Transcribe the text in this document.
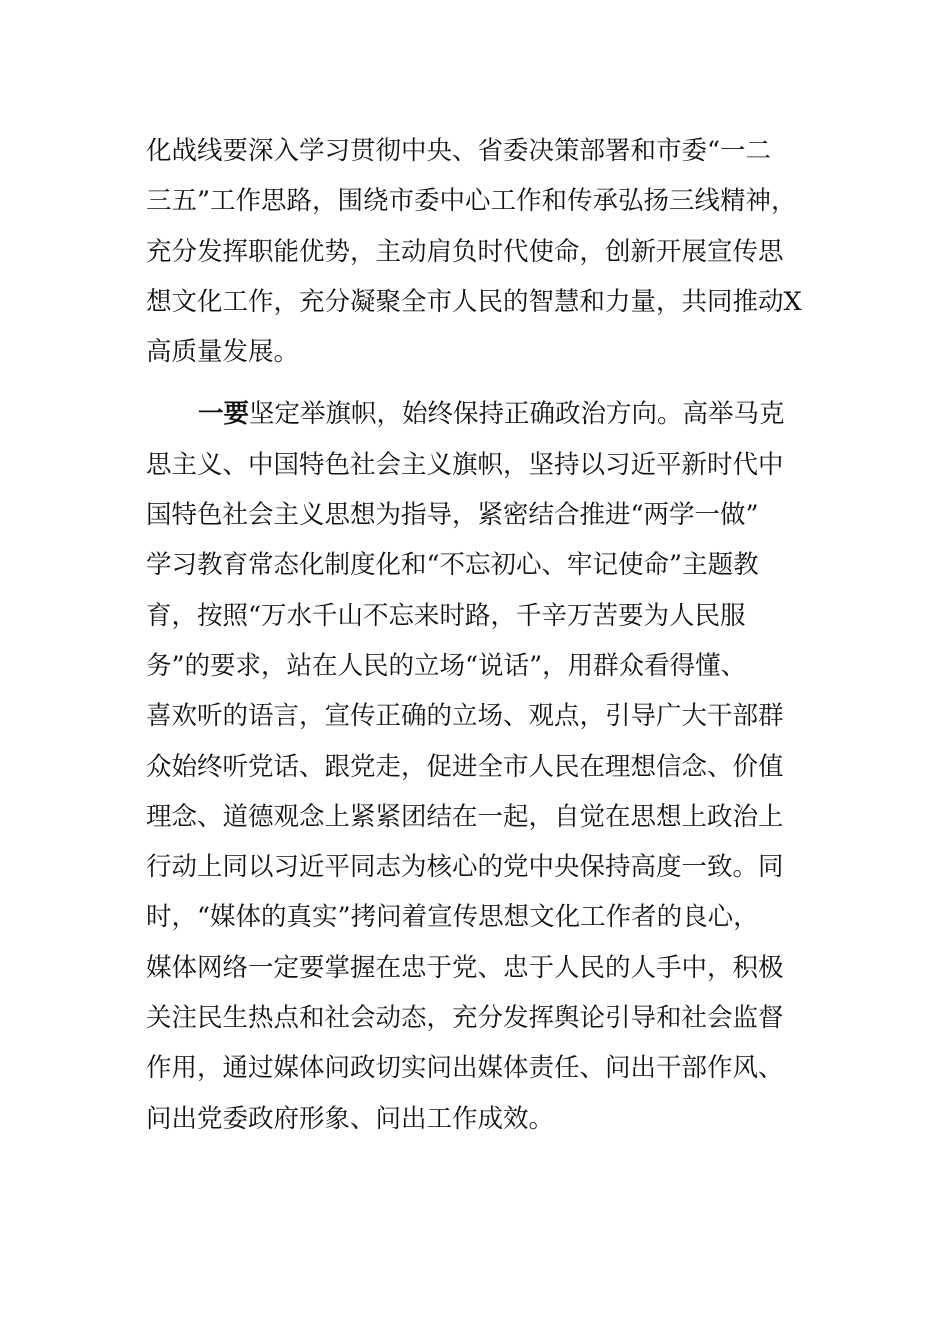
化战线要深入学习贯彻中央、省委决策部署和市委“一二
三五”工作思路，围绕市委中心工作和传承弘扬三线精神，
充分发挥职能优势，主动肩负时代使命，创新开展宣传思
想文化工作，充分凝聚全市人民的智慧和力量，共同推动X
高质量发展。
一要坚定举旗帜，始终保持正确政治方向。高举马克
思主义、中国特色社会主义旗帜，坚持以习近平新时代中
国特色社会主义思想为指导，紧密结合推进“两学一做”
学习教育常态化制度化和“不忘初心、牢记使命”主题教
育，按照“万水千山不忘来时路，千辛万苦要为人民服
务”的要求，站在人民的立场“说话”，用群众看得懂、
喜欢听的语言，宣传正确的立场、观点，引导广大干部群
众始终听党话、跟党走，促进全市人民在理想信念、价值
理念、道德观念上紧紧团结在一起，自觉在思想上政治上
行动上同以习近平同志为核心的党中央保持高度一致。同
时，“媒体的真实”拷问着宣传思想文化工作者的良心，
媒体网络一定要掌握在忠于党、忠于人民的人手中，积极
关注民生热点和社会动态，充分发挥舆论引导和社会监督
作用，通过媒体问政切实问出媒体责任、问出干部作风、
问出党委政府形象、问出工作成效。
